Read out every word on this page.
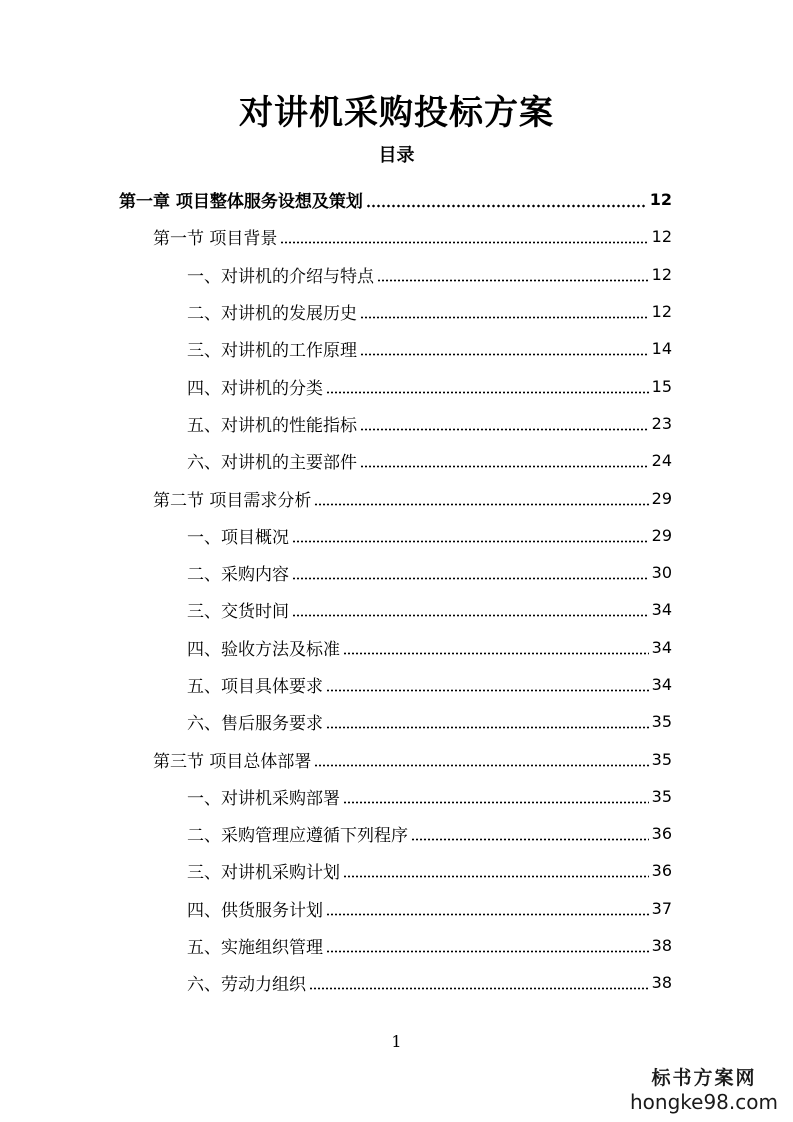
对讲机采购投标方案
目录
第一章 项目整体服务设想及策划	12
第一节 项目背景	12
一、对讲机的介绍与特点	12
二、对讲机的发展历史	12
三、对讲机的工作原理	14
四、对讲机的分类	15
五、对讲机的性能指标	23
六、对讲机的主要部件	24
第二节 项目需求分析	29
一、项目概况	29
二、采购内容	30
三、交货时间	34
四、验收方法及标准	34
五、项目具体要求	34
六、售后服务要求	35
第三节 项目总体部署	35
一、对讲机采购部署	35
二、采购管理应遵循下列程序	36
三、对讲机采购计划	36
四、供货服务计划	37
五、实施组织管理	38
六、劳动力组织	38
1
标书方案网
hongke98.com
